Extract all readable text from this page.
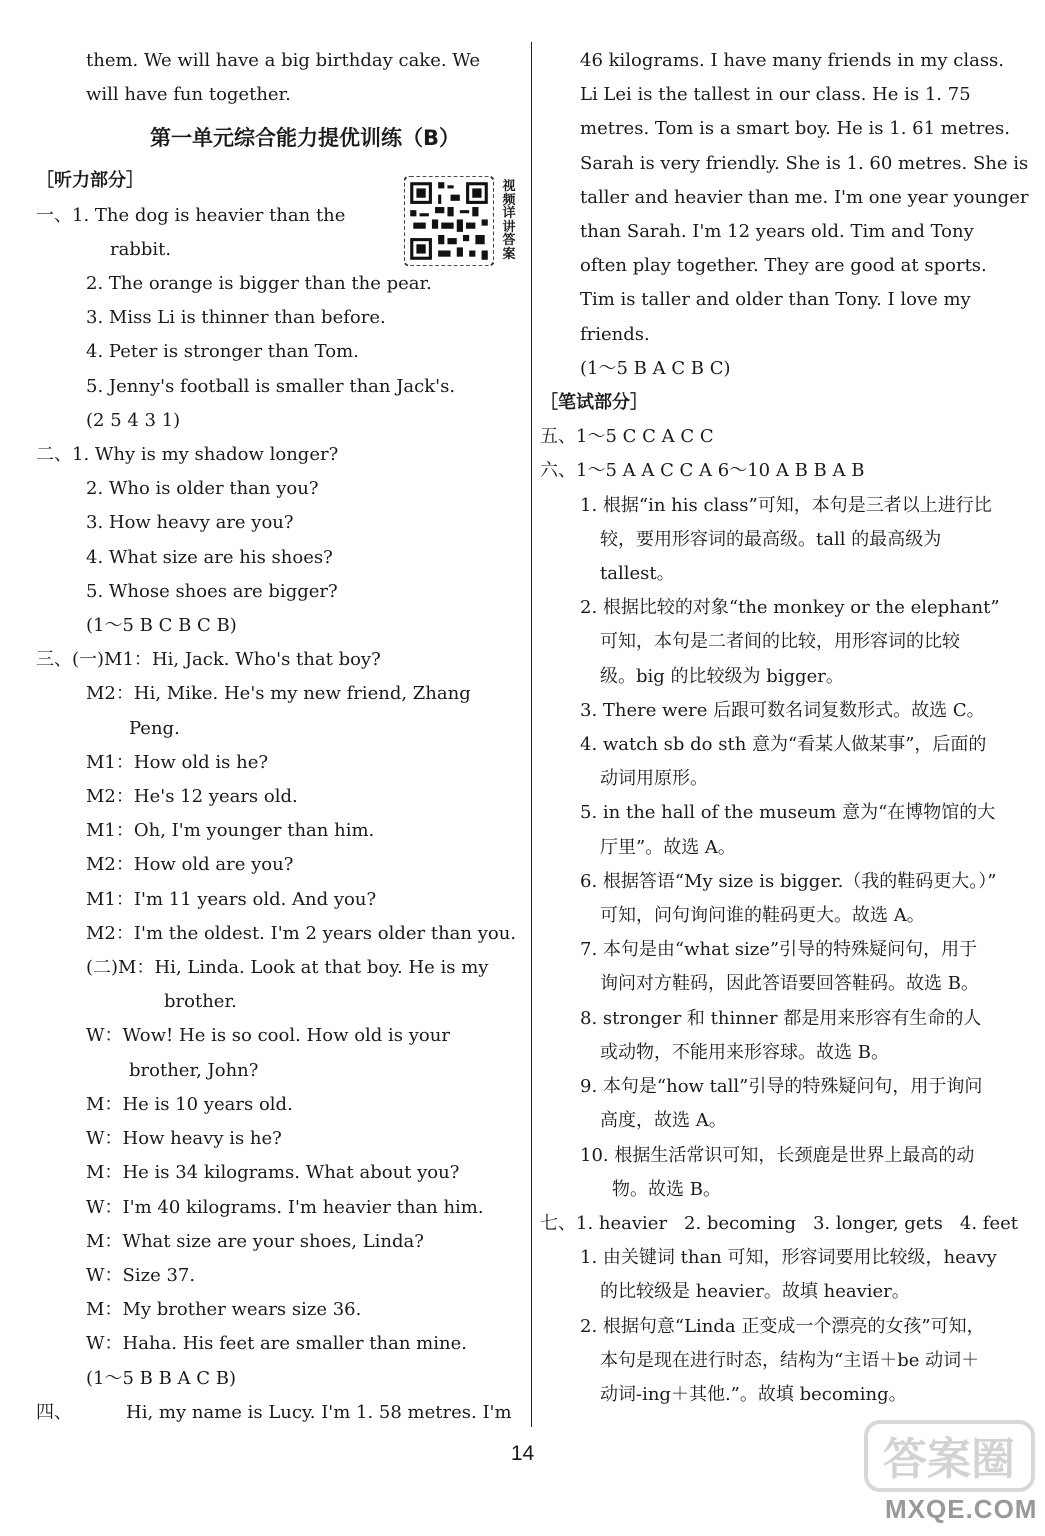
them. We will have a big birthday cake. We
will have fun together.
第一单元综合能力提优训练（B）
［听力部分］
一、1. The dog is heavier than the
rabbit.
2. The orange is bigger than the pear.
3. Miss Li is thinner than before.
4. Peter is stronger than Tom.
5. Jenny's football is smaller than Jack's.
(2 5 4 3 1)
二、1. Why is my shadow longer?
2. Who is older than you?
3. How heavy are you?
4. What size are his shoes?
5. Whose shoes are bigger?
(1～5 B C B C B)
三、(一)M1：Hi, Jack. Who's that boy?
M2： Hi, Mike. He's my new friend, Zhang
Peng.
M1：How old is he?
M2：He's 12 years old.
M1：Oh, I'm younger than him.
M2：How old are you?
M1：I'm 11 years old. And you?
M2：I'm the oldest. I'm 2 years older than you.
(二)M：Hi, Linda. Look at that boy. He is my
brother.
W：Wow! He is so cool. How old is your
brother, John?
M：He is 10 years old.
W：How heavy is he?
M：He is 34 kilograms. What about you?
W：I'm 40 kilograms. I'm heavier than him.
M：What size are your shoes, Linda?
W：Size 37.
M：My brother wears size 36.
W：Haha. His feet are smaller than mine.
(1～5 B B A C B)
四、	Hi, my name is Lucy. I'm 1. 58 metres. I'm
视频详讲答案
46 kilograms. I have many friends in my class.
Li Lei is the tallest in our class. He is 1. 75
metres. Tom is a smart boy. He is 1. 61 metres.
Sarah is very friendly. She is 1. 60 metres. She is
taller and heavier than me. I'm one year younger
than Sarah. I'm 12 years old. Tim and Tony
often play together. They are good at sports.
Tim is taller and older than Tony. I love my
friends.
(1～5 B A C B C)
［笔试部分］
五、1～5 C C A C C
六、1～5 A A C C A 6～10 A B B A B
1. 根据“in his class”可知，本句是三者以上进行比
较，要用形容词的最高级。tall 的最高级为
tallest。
2. 根据比较的对象“the monkey or the elephant”
可知，本句是二者间的比较，用形容词的比较
级。big 的比较级为 bigger。
3. There were 后跟可数名词复数形式。故选 C。
4. watch sb do sth 意为“看某人做某事”，后面的
动词用原形。
5. in the hall of the museum 意为“在博物馆的大
厅里”。故选 A。
6. 根据答语“My size is bigger.（我的鞋码更大。）”
可知，问句询问谁的鞋码更大。故选 A。
7. 本句是由“what size”引导的特殊疑问句，用于
询问对方鞋码，因此答语要回答鞋码。故选 B。
8. stronger 和 thinner 都是用来形容有生命的人
或动物，不能用来形容球。故选 B。
9. 本句是“how tall”引导的特殊疑问句，用于询问
高度，故选 A。
10. 根据生活常识可知，长颈鹿是世界上最高的动
物。故选 B。
七、 1. heavier 2. becoming 3. longer, gets 4. feet
1. 由关键词 than 可知，形容词要用比较级，heavy
的比较级是 heavier。故填 heavier。
2. 根据句意“Linda 正变成一个漂亮的女孩”可知，
本句是现在进行时态，结构为“主语＋be 动词＋
动词-ing＋其他.”。故填 becoming。
14	答案圈
MXQE.COM
